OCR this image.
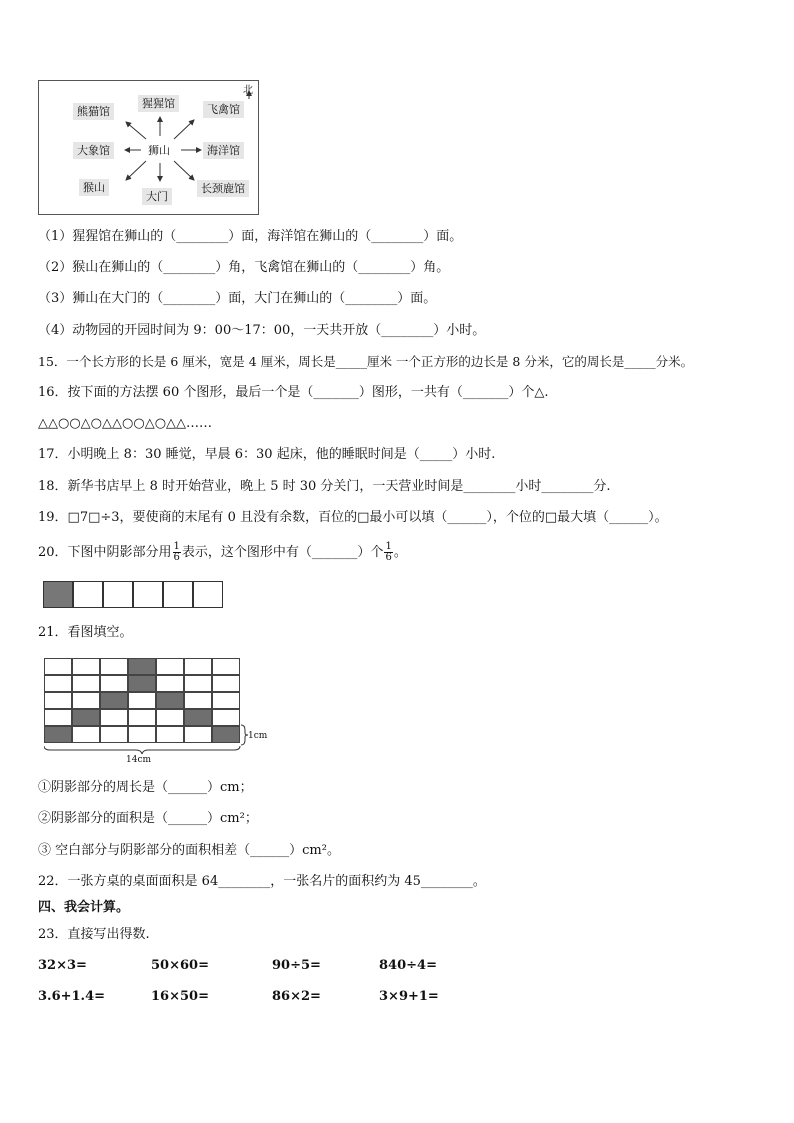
北
熊猫馆
猩猩馆	飞禽馆
大象馆	狮山	海洋馆
猴山
大门
长颈鹿馆
（1）猩猩馆在狮山的（________）面，海洋馆在狮山的（________）面。
（2）猴山在狮山的（________）角，飞禽馆在狮山的（________）角。
（3）狮山在大门的（________）面，大门在狮山的（________）面。
（4）动物园的开园时间为 9：00～17：00，一天共开放（________）小时。
15．一个长方形的长是 6 厘米，宽是 4 厘米，周长是_____厘米 一个正方形的边长是 8 分米，它的周长是_____分米。
16．按下面的方法摆 60 个图形，最后一个是（_______）图形，一共有（_______）个△.
△△○○△○△△○○△○△△……
17．小明晚上 8：30 睡觉，早晨 6：30 起床，他的睡眠时间是（_____）小时.
18．新华书店早上 8 时开始营业，晚上 5 时 30 分关门，一天营业时间是________小时________分.
19．□7□÷3，要使商的末尾有 0 且没有余数，百位的□最小可以填（______），个位的□最大填（______）。
20．下图中阴影部分用 $\frac{1}{6}$ 表示，这个图形中有（_______）个 $\frac{1}{6}$ 。
21．看图填空。
14cm
1cm
①阴影部分的周长是（______）cm；
②阴影部分的面积是（______）cm²；
③ 空白部分与阴影部分的面积相差（______）cm²。
22．一张方桌的桌面面积是 64________，一张名片的面积约为 45________。
四、我会计算。
23．直接写出得数.
32×3=	50×60=	90÷5=	840÷4=
3.6+1.4=	16×50=	86×2=	3×9+1=
